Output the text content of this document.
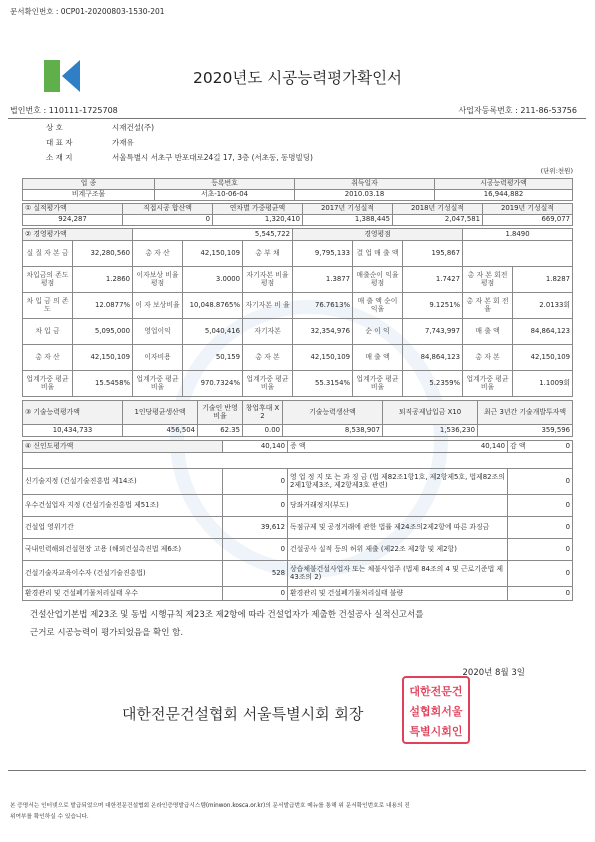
문서확인번호 : 0CP01-20200803-1530-201
2020년도 시공능력평가확인서
법인번호 : 110111-1725708	사업자등록번호 : 211-86-53756
상 호	시재건설(주)
대 표 자	가재유
소 재 지	서울특별시 서초구 반포대로24길 17, 3층 (서초동, 동명빌딩)
(단위:천원)
업 종	등록번호	취득일자	시공능력평가액
비계구조물	서초-10-06-04	2010.03.18	16,944,882
① 실적평가액	직접시공 합산액	연차별 가중평균액	2017년 기성실적	2018년 기성실적	2019년 기성실적
924,287	0	1,320,410	1,388,445	2,047,581	669,077
② 경영평가액		5,545,722			경영평점			1.8490	
실 질 자 본 금	32,280,560	총 자 산	42,150,109	총 부 채	9,795,133	결 업 매 출 액	195,867		
차입금의 존도평점	1.2860	이자보상 비율평점	3.0000	자기자본 비율평점	1.3877	매출순이 익율평점	1.7427	총 자 본 회전평점	1.8287
차 입 금 의 존 도	12.0877%	이 자 보상비율	10,048.8765%	자기자본 비 율	76.7613%	매 출 액 순이익율	9.1251%	총 자 본 회 전 율	2.0133회
차 입 금	5,095,000	영업이익	5,040,416	자기자본	32,354,976	순 이 익	7,743,997	매 출 액	84,864,123
총 자 산	42,150,109	이자비용	50,159	총 자 본	42,150,109	매 출 액	84,864,123	총 자 본	42,150,109
업계가중 평균비율	15.5458%	업계가중 평균비율	970.7324%	업계가중 평균비율	55.3154%	업계가중 평균비율	5.2359%	업계가중 평균비율	1.1009회
③ 기술능력평가액	1인당평균생산액	기술인 반영비율	창업후대 X 2	기술능력생산액	퇴직공제납입금 X10	최근 3년간 기술개발투자액
10,434,733	456,504	62.35	0.00	8,538,907	1,536,230	359,596
④ 신인도평가액	40,140	증 액 40,140	감 액 0

신기술지정 (건설기술진흥법 제14조)	0	영 업 정 지 또 는 과 징 금 (법 제82조1항1호, 제2항제5호, 법제82조의2제1항제3조, 제2항제3호 관련)	0
우수건설업자 지정 (건설기술진흥법 제51조)	0	당좌거래정지(부도)	0
건설업 영위기간	39,612	독점규제 및 공정거래에 관한 법률 제24조의2제2항에 따른 과징금	0
국내인력해외건설현장 고용 (해외건설촉진법 제6조)	0	건설공사 실적 등의 허위 제출 (제22조 제2항 및 제2항)	0
건설기술자교육이수자 (건설기술진흥법)	528	상습체불건설사업자 또는 체불사업주 (법제 84조의 4 및 근로기준법 제 43조의 2)	0
환경관리 및 건설폐기물처리실태 우수	0	환경관리 및 건설폐기물처리실태 불량	0
건설산업기본법 제23조 및 동법 시행규칙 제23조 제2항에 따라 건설업자가 제출한 건설공사 실적신고서를
근거로 시공능력이 평가되었음을 확인 함.
2020년 8월 3일
대한전문건설협회 서울특별시회 회장
대한전문건
설협회서울
특별시회인
본 증명서는 인터넷으로 발급되었으며 대한전문건설협회 온라인증명발급시스템(minwon.kosca.or.kr)의 문서발급번호 메뉴를 통해 위 문서확인번호로 내용의 진
위여부를 확인하실 수 있습니다.
